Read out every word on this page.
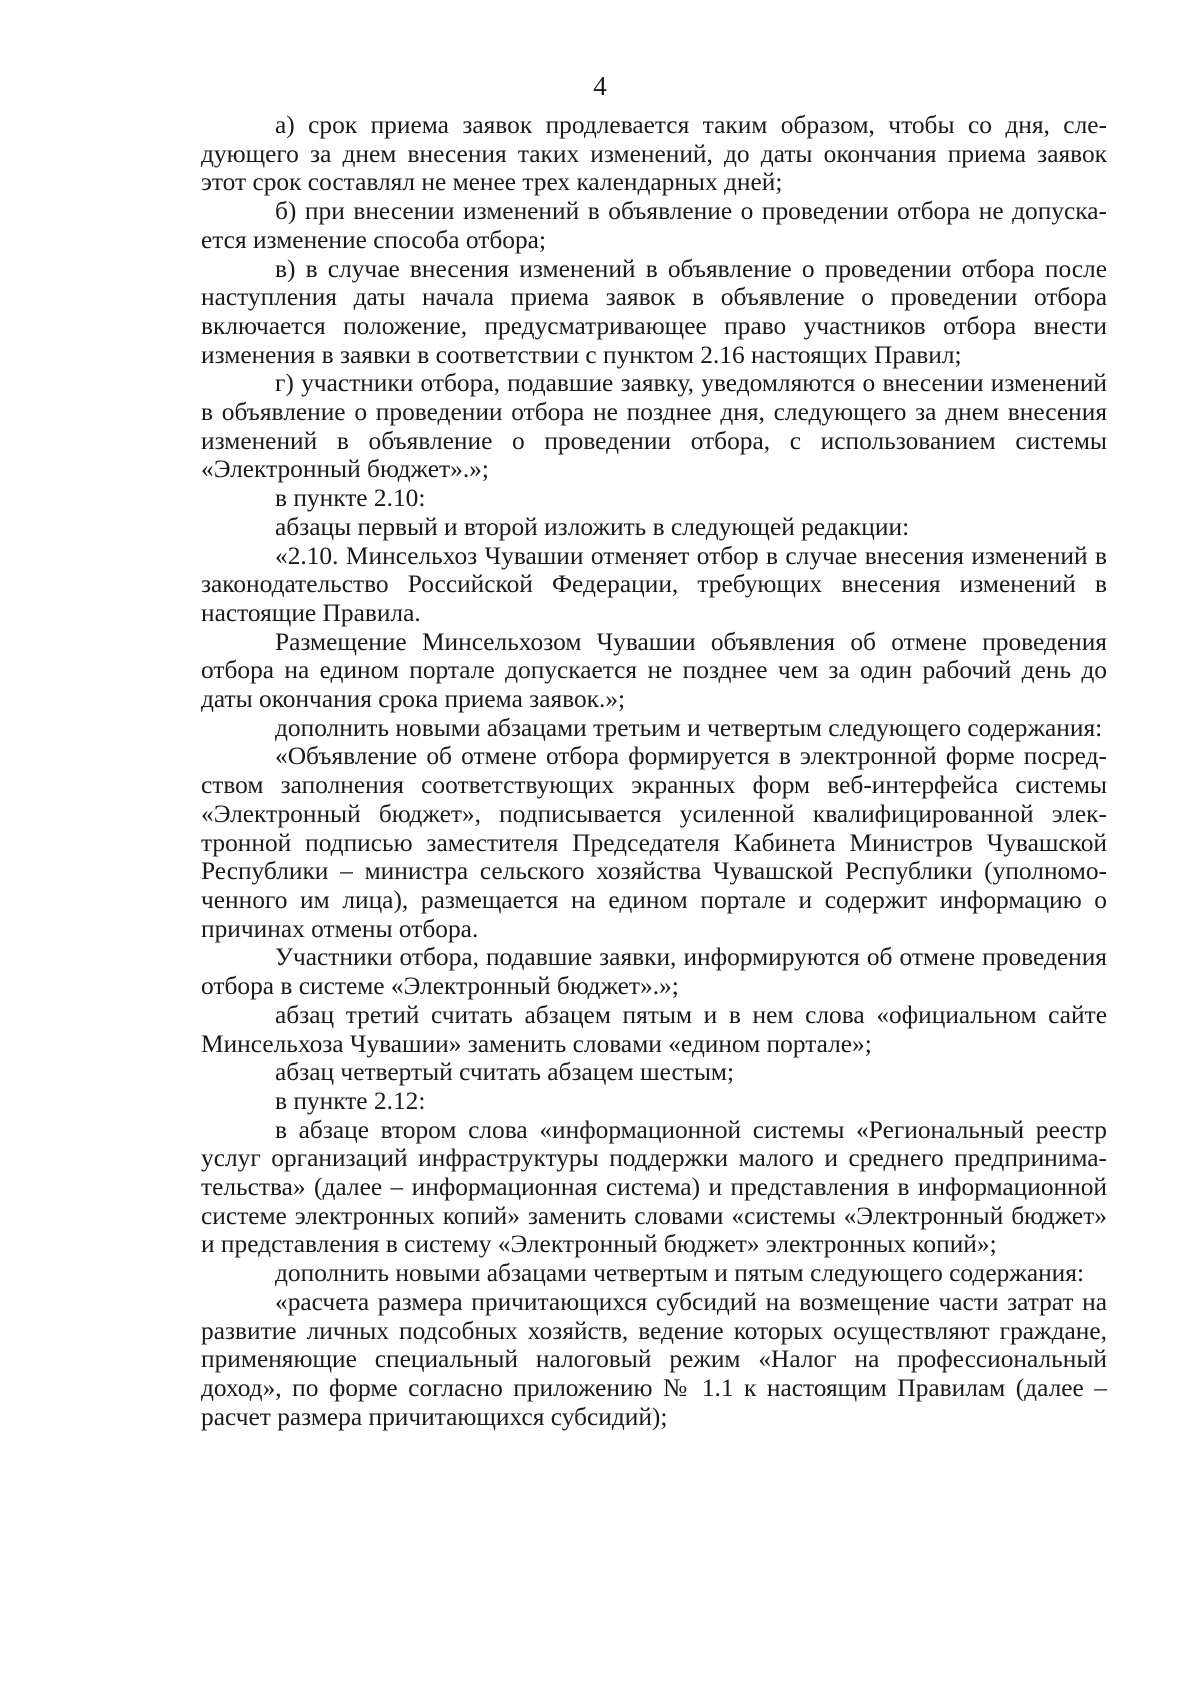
4

а) срок приема заявок продлевается таким образом, чтобы со дня, следующего за днем внесения таких изменений, до даты окончания приема заявок этот срок составлял не менее трех календарных дней;

б) при внесении изменений в объявление о проведении отбора не допускается изменение способа отбора;

в) в случае внесения изменений в объявление о проведении отбора после наступления даты начала приема заявок в объявление о проведении отбора включается положение, предусматривающее право участников отбора внести изменения в заявки в соответствии с пунктом 2.16 настоящих Правил;

г) участники отбора, подавшие заявку, уведомляются о внесении изменений в объявление о проведении отбора не позднее дня, следующего за днем внесения изменений в объявление о проведении отбора, с использованием системы «Электронный бюджет».»;

в пункте 2.10:

абзацы первый и второй изложить в следующей редакции:

«2.10. Минсельхоз Чувашии отменяет отбор в случае внесения изменений в законодательство Российской Федерации, требующих внесения изменений в настоящие Правила.

Размещение Минсельхозом Чувашии объявления об отмене проведения отбора на едином портале допускается не позднее чем за один рабочий день до даты окончания срока приема заявок.»;

дополнить новыми абзацами третьим и четвертым следующего содержания:

«Объявление об отмене отбора формируется в электронной форме посредством заполнения соответствующих экранных форм веб-интерфейса системы «Электронный бюджет», подписывается усиленной квалифицированной электронной подписью заместителя Председателя Кабинета Министров Чувашской Республики – министра сельского хозяйства Чувашской Республики (уполномоченного им лица), размещается на едином портале и содержит информацию о причинах отмены отбора.

Участники отбора, подавшие заявки, информируются об отмене проведения отбора в системе «Электронный бюджет».»;

абзац третий считать абзацем пятым и в нем слова «официальном сайте Минсельхоза Чувашии» заменить словами «едином портале»;

абзац четвертый считать абзацем шестым;

в пункте 2.12:

в абзаце втором слова «информационной системы «Региональный реестр услуг организаций инфраструктуры поддержки малого и среднего предпринимательства» (далее – информационная система) и представления в информационной системе электронных копий» заменить словами «системы «Электронный бюджет» и представления в систему «Электронный бюджет» электронных копий»;

дополнить новыми абзацами четвертым и пятым следующего содержания:

«расчета размера причитающихся субсидий на возмещение части затрат на развитие личных подсобных хозяйств, ведение которых осуществляют граждане, применяющие специальный налоговый режим «Налог на профессиональный доход», по форме согласно приложению № 1.1 к настоящим Правилам (далее – расчет размера причитающихся субсидий);
